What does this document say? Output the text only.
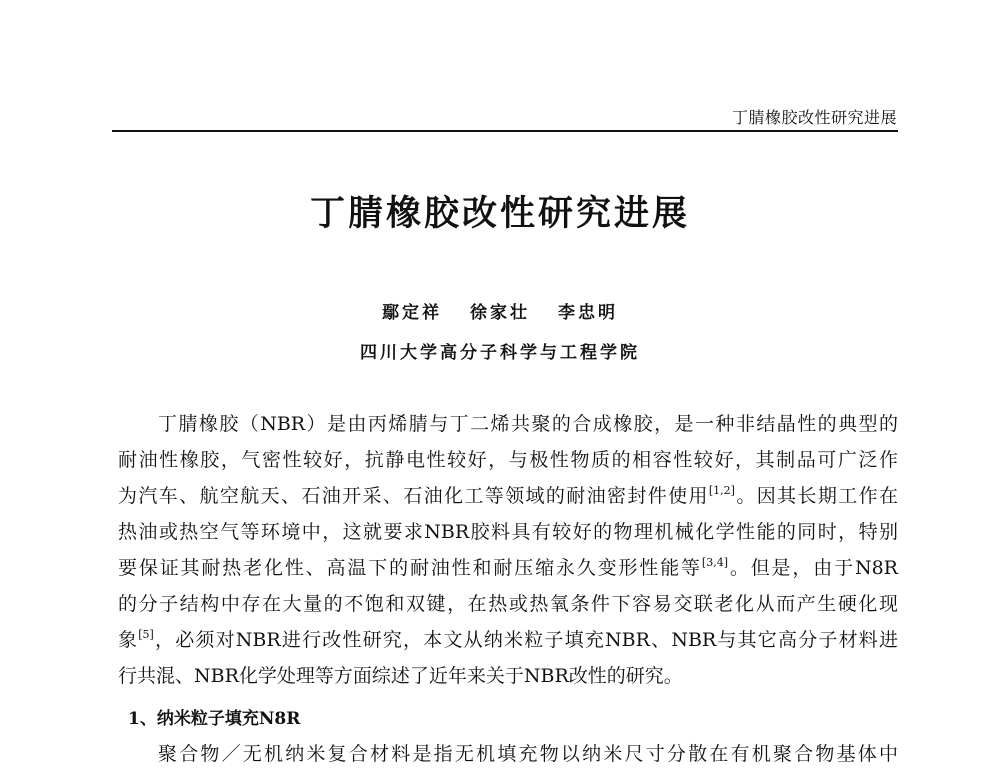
丁腈橡胶改性研究进展
丁腈橡胶改性研究进展
鄢定祥 徐家壮 李忠明
四川大学高分子科学与工程学院
丁腈橡胶（NBR）是由丙烯腈与丁二烯共聚的合成橡胶，是一种非结晶性的典型的
耐油性橡胶，气密性较好，抗静电性较好，与极性物质的相容性较好，其制品可广泛作
为汽车、航空航天、石油开采、石油化工等领域的耐油密封件使用[1,2]。因其长期工作在
热油或热空气等环境中，这就要求NBR胶料具有较好的物理机械化学性能的同时，特别
要保证其耐热老化性、高温下的耐油性和耐压缩永久变形性能等[3,4]。但是，由于N8R
的分子结构中存在大量的不饱和双键，在热或热氧条件下容易交联老化从而产生硬化现
象[5]，必须对NBR进行改性研究，本文从纳米粒子填充NBR、NBR与其它高分子材料进
行共混、NBR化学处理等方面综述了近年来关于NBR改性的研究。
1、纳米粒子填充N8R
聚合物／无机纳米复合材料是指无机填充物以纳米尺寸分散在有机聚合物基体中
